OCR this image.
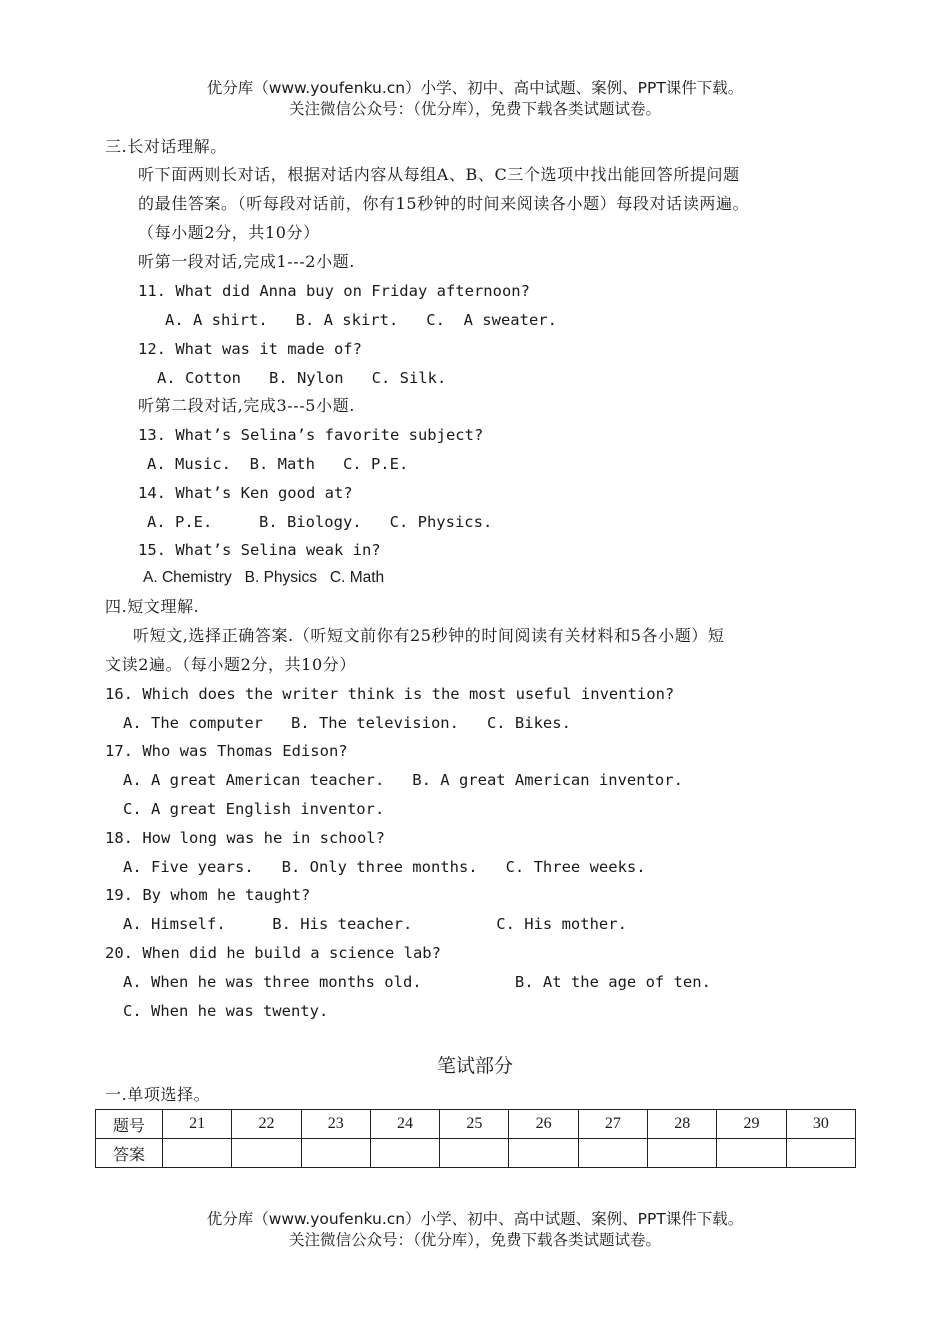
优分库（www.youfenku.cn）小学、初中、高中试题、案例、PPT课件下载。
关注微信公众号：（优分库），免费下载各类试题试卷。
三.长对话理解。
听下面两则长对话，根据对话内容从每组A、B、C三个选项中找出能回答所提问题
的最佳答案。（听每段对话前，你有15秒钟的时间来阅读各小题）每段对话读两遍。
（每小题2分，共10分）
听第一段对话,完成1---2小题.
11. What did Anna buy on Friday afternoon?
A. A shirt.   B. A skirt.   C.  A sweater.
12. What was it made of?
A. Cotton   B. Nylon   C. Silk.
听第二段对话,完成3---5小题.
13. What’s Selina’s favorite subject?
A. Music.  B. Math   C. P.E.
14. What’s Ken good at?
A. P.E.     B. Biology.   C. Physics.
15. What’s Selina weak in?
A. Chemistry   B. Physics   C. Math
四.短文理解.
听短文,选择正确答案.（听短文前你有25秒钟的时间阅读有关材料和5各小题）短
文读2遍。（每小题2分，共10分）
16. Which does the writer think is the most useful invention?
A. The computer   B. The television.   C. Bikes.
17. Who was Thomas Edison?
A. A great American teacher.   B. A great American inventor.
C. A great English inventor.
18. How long was he in school?
A. Five years.   B. Only three months.   C. Three weeks.
19. By whom he taught?
A. Himself.     B. His teacher.         C. His mother.
20. When did he build a science lab?
A. When he was three months old.          B. At the age of ten.
C. When he was twenty.
笔试部分
一.单项选择。
题号	21	22	23	24	25	26	27	28	29	30
答案										
优分库（www.youfenku.cn）小学、初中、高中试题、案例、PPT课件下载。
关注微信公众号：（优分库），免费下载各类试题试卷。
